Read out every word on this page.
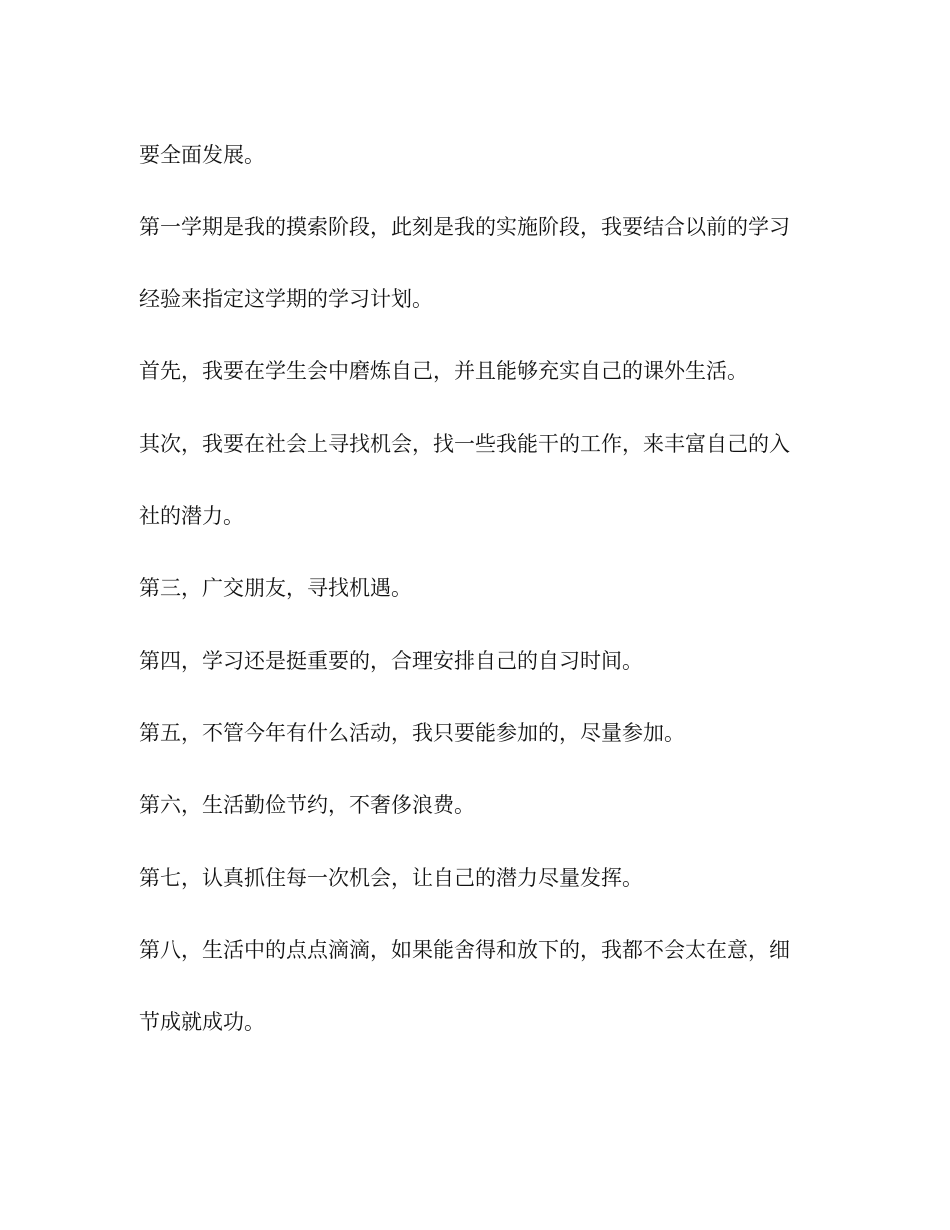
要全面发展。

第一学期是我的摸索阶段，此刻是我的实施阶段，我要结合以前的学习

经验来指定这学期的学习计划。

首先，我要在学生会中磨炼自己，并且能够充实自己的课外生活。

其次，我要在社会上寻找机会，找一些我能干的工作，来丰富自己的入

社的潜力。

第三，广交朋友，寻找机遇。

第四，学习还是挺重要的，合理安排自己的自习时间。

第五，不管今年有什么活动，我只要能参加的，尽量参加。

第六，生活勤俭节约，不奢侈浪费。

第七，认真抓住每一次机会，让自己的潜力尽量发挥。

第八，生活中的点点滴滴，如果能舍得和放下的，我都不会太在意，细

节成就成功。
